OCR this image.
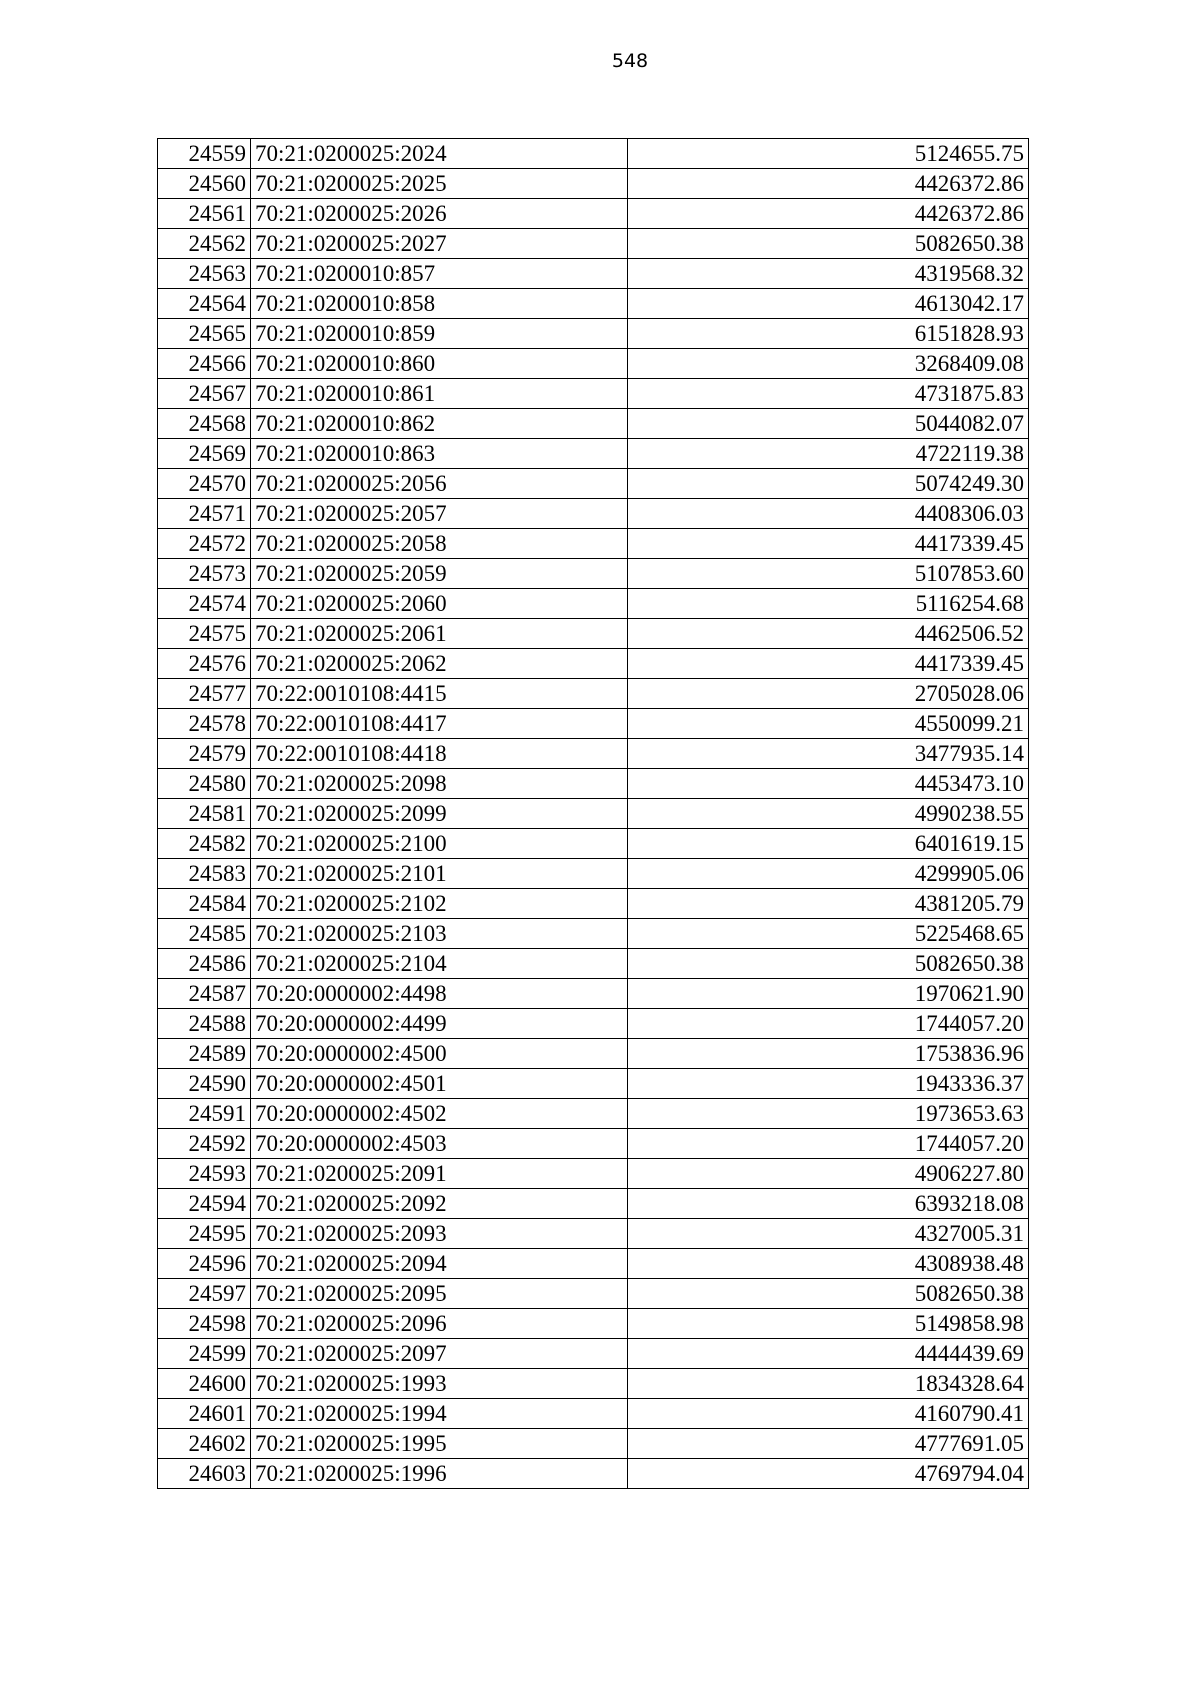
548
24559	70:21:0200025:2024	5124655.75
24560	70:21:0200025:2025	4426372.86
24561	70:21:0200025:2026	4426372.86
24562	70:21:0200025:2027	5082650.38
24563	70:21:0200010:857	4319568.32
24564	70:21:0200010:858	4613042.17
24565	70:21:0200010:859	6151828.93
24566	70:21:0200010:860	3268409.08
24567	70:21:0200010:861	4731875.83
24568	70:21:0200010:862	5044082.07
24569	70:21:0200010:863	4722119.38
24570	70:21:0200025:2056	5074249.30
24571	70:21:0200025:2057	4408306.03
24572	70:21:0200025:2058	4417339.45
24573	70:21:0200025:2059	5107853.60
24574	70:21:0200025:2060	5116254.68
24575	70:21:0200025:2061	4462506.52
24576	70:21:0200025:2062	4417339.45
24577	70:22:0010108:4415	2705028.06
24578	70:22:0010108:4417	4550099.21
24579	70:22:0010108:4418	3477935.14
24580	70:21:0200025:2098	4453473.10
24581	70:21:0200025:2099	4990238.55
24582	70:21:0200025:2100	6401619.15
24583	70:21:0200025:2101	4299905.06
24584	70:21:0200025:2102	4381205.79
24585	70:21:0200025:2103	5225468.65
24586	70:21:0200025:2104	5082650.38
24587	70:20:0000002:4498	1970621.90
24588	70:20:0000002:4499	1744057.20
24589	70:20:0000002:4500	1753836.96
24590	70:20:0000002:4501	1943336.37
24591	70:20:0000002:4502	1973653.63
24592	70:20:0000002:4503	1744057.20
24593	70:21:0200025:2091	4906227.80
24594	70:21:0200025:2092	6393218.08
24595	70:21:0200025:2093	4327005.31
24596	70:21:0200025:2094	4308938.48
24597	70:21:0200025:2095	5082650.38
24598	70:21:0200025:2096	5149858.98
24599	70:21:0200025:2097	4444439.69
24600	70:21:0200025:1993	1834328.64
24601	70:21:0200025:1994	4160790.41
24602	70:21:0200025:1995	4777691.05
24603	70:21:0200025:1996	4769794.04
